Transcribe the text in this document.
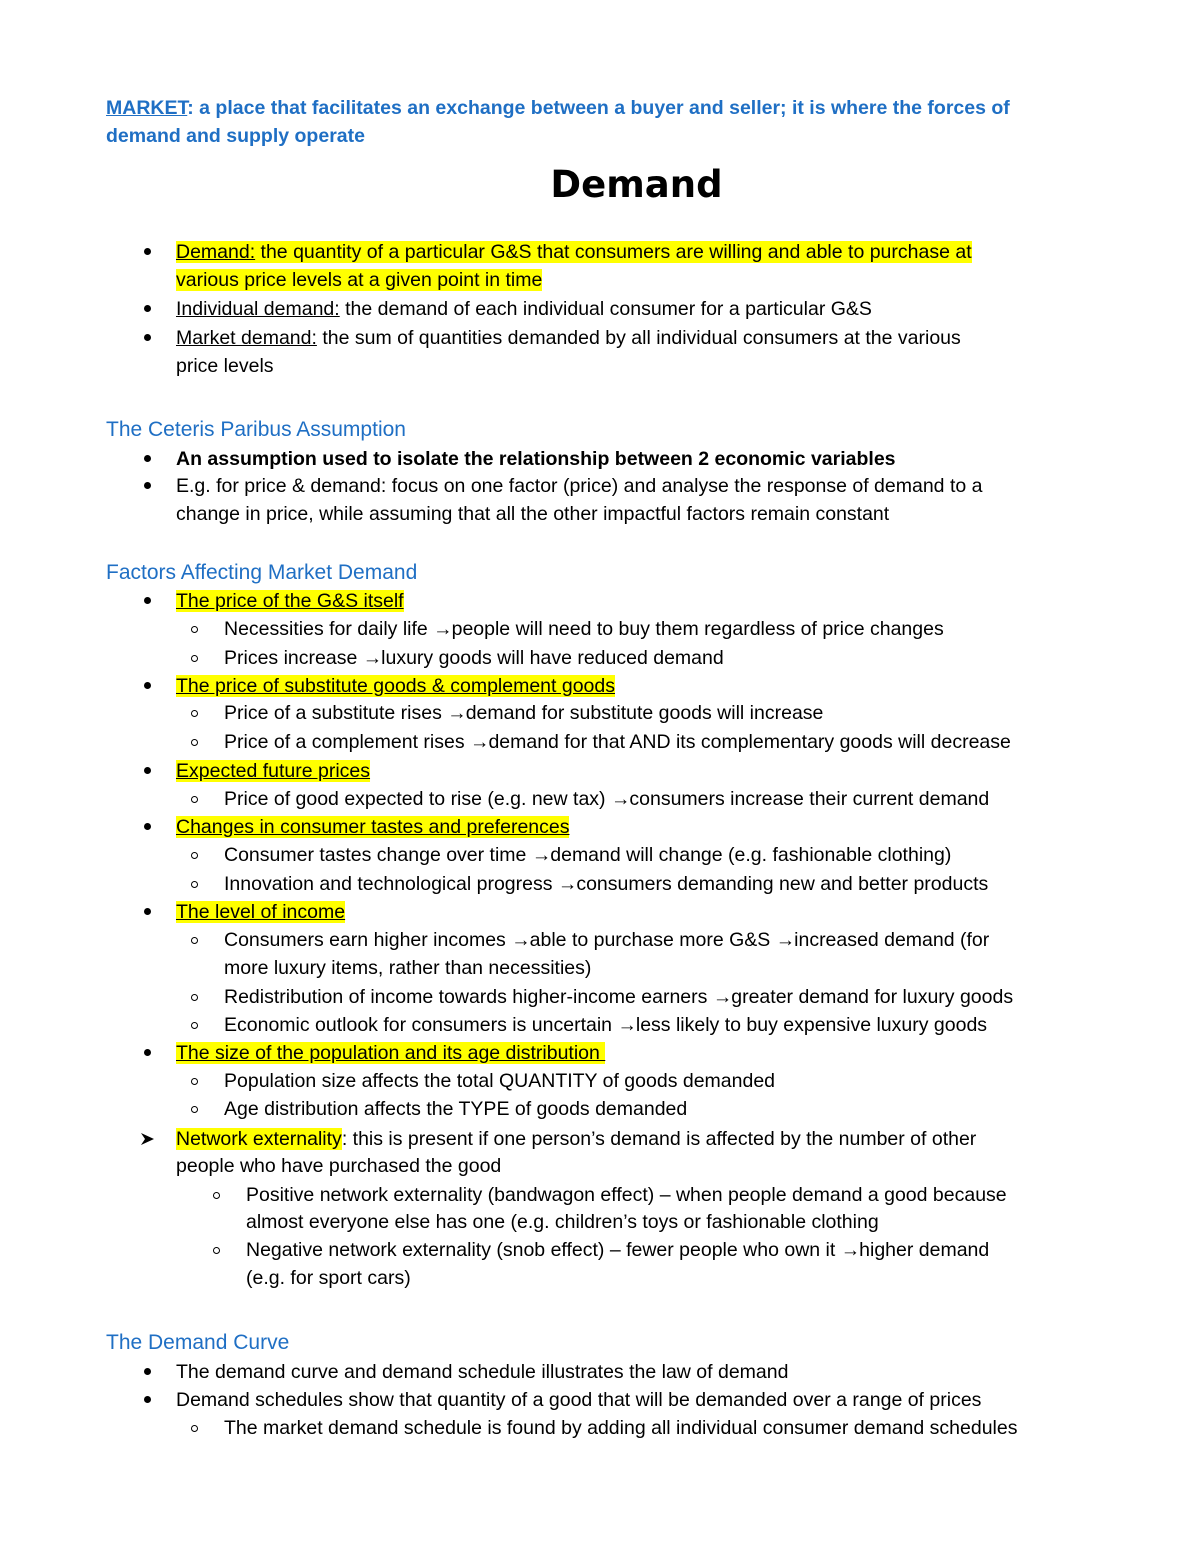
MARKET: a place that facilitates an exchange between a buyer and seller; it is where the forces of
demand and supply operate
Demand
Demand: the quantity of a particular G&S that consumers are willing and able to purchase at
various price levels at a given point in time
Individual demand: the demand of each individual consumer for a particular G&S
Market demand: the sum of quantities demanded by all individual consumers at the various
price levels
The Ceteris Paribus Assumption
An assumption used to isolate the relationship between 2 economic variables
E.g. for price & demand: focus on one factor (price) and analyse the response of demand to a
change in price, while assuming that all the other impactful factors remain constant
Factors Affecting Market Demand
The price of the G&S itself
Necessities for daily life → people will need to buy them regardless of price changes
Prices increase → luxury goods will have reduced demand
The price of substitute goods & complement goods
Price of a substitute rises → demand for substitute goods will increase
Price of a complement rises → demand for that AND its complementary goods will decrease
Expected future prices
Price of good expected to rise (e.g. new tax) → consumers increase their current demand
Changes in consumer tastes and preferences
Consumer tastes change over time → demand will change (e.g. fashionable clothing)
Innovation and technological progress → consumers demanding new and better products
The level of income
Consumers earn higher incomes → able to purchase more G&S → increased demand (for
more luxury items, rather than necessities)
Redistribution of income towards higher-income earners → greater demand for luxury goods
Economic outlook for consumers is uncertain → less likely to buy expensive luxury goods
The size of the population and its age distribution
Population size affects the total QUANTITY of goods demanded
Age distribution affects the TYPE of goods demanded
Network externality: this is present if one person’s demand is affected by the number of other
people who have purchased the good
Positive network externality (bandwagon effect) – when people demand a good because
almost everyone else has one (e.g. children’s toys or fashionable clothing
Negative network externality (snob effect) – fewer people who own it → higher demand
(e.g. for sport cars)
The Demand Curve
The demand curve and demand schedule illustrates the law of demand
Demand schedules show that quantity of a good that will be demanded over a range of prices
The market demand schedule is found by adding all individual consumer demand schedules
